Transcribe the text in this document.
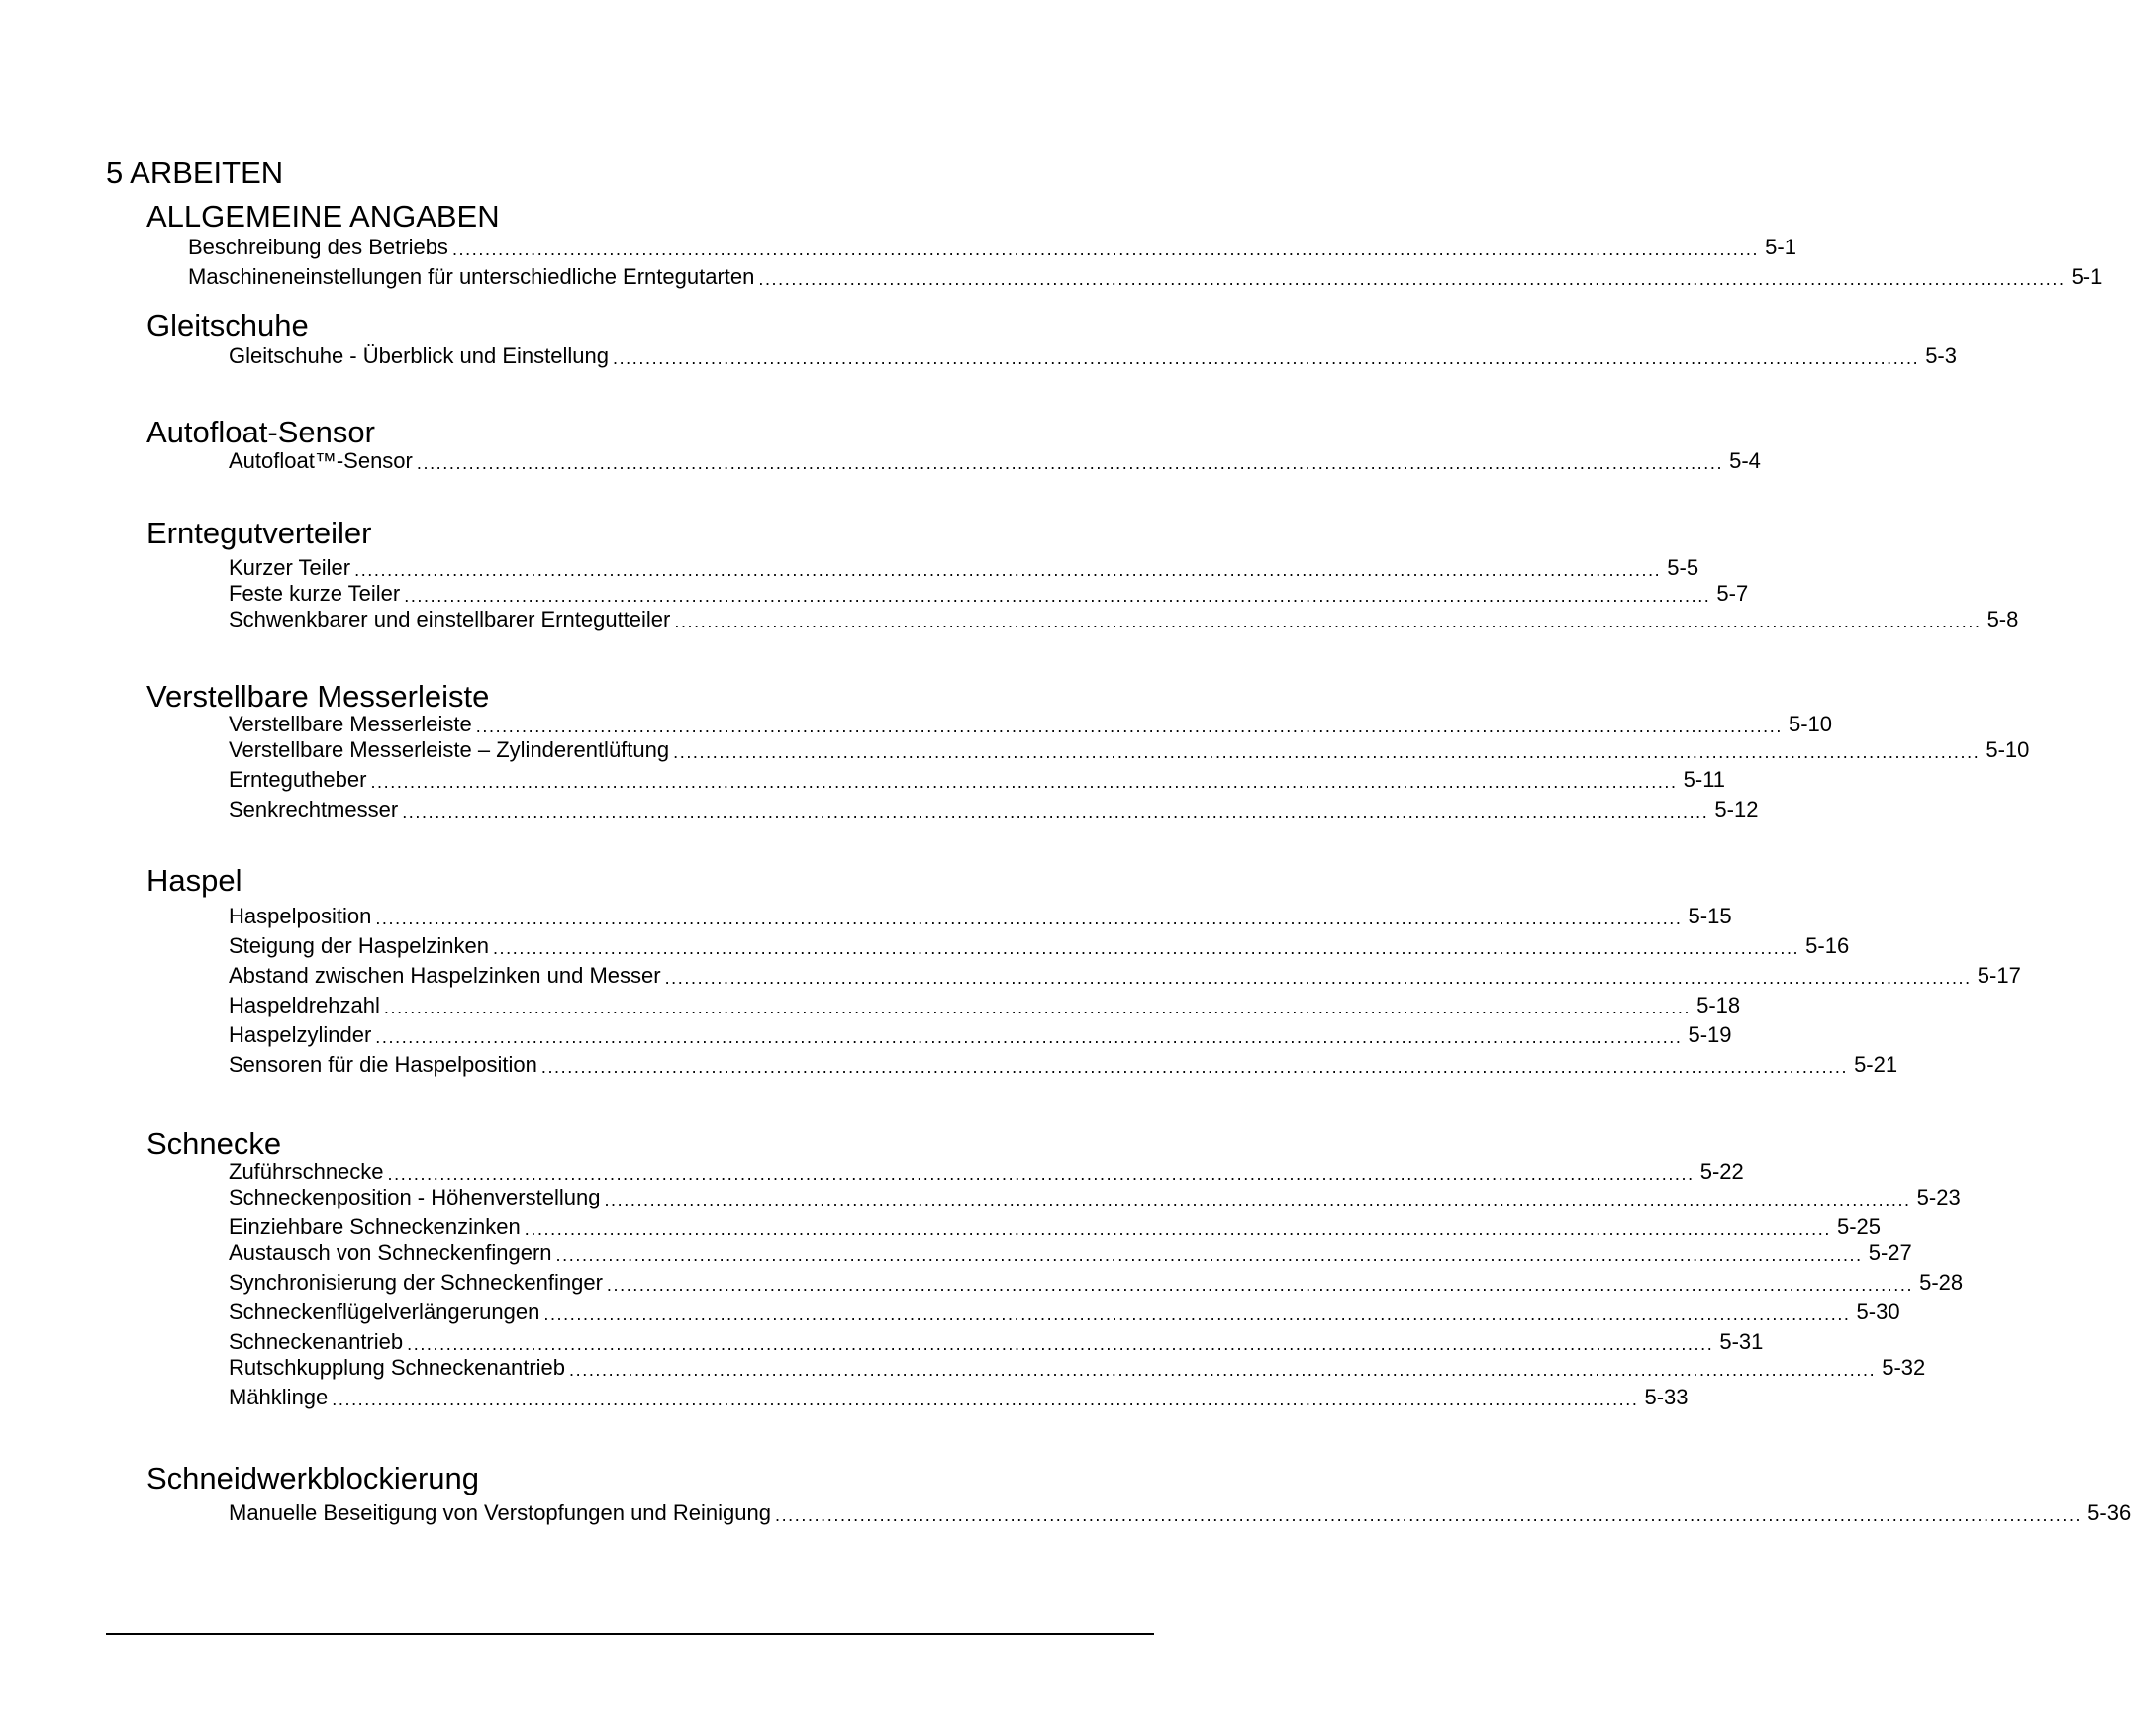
5 ARBEITEN
ALLGEMEINE ANGABEN
Beschreibung des Betriebs ........................................................................................................................................................................................................ 5-1
Maschineneinstellungen für unterschiedliche Erntegutarten ........................................................................................................................................................................................................ 5-1
Gleitschuhe
Gleitschuhe - Überblick und Einstellung ........................................................................................................................................................................................................ 5-3
Autofloat-Sensor
Autofloat™-Sensor ........................................................................................................................................................................................................ 5-4
Erntegutverteiler
Kurzer Teiler ........................................................................................................................................................................................................ 5-5
Feste kurze Teiler ........................................................................................................................................................................................................ 5-7
Schwenkbarer und einstellbarer Erntegutteiler ........................................................................................................................................................................................................ 5-8
Verstellbare Messerleiste
Verstellbare Messerleiste ........................................................................................................................................................................................................ 5-10
Verstellbare Messerleiste – Zylinderentlüftung ........................................................................................................................................................................................................ 5-10
Erntegutheber ........................................................................................................................................................................................................ 5-11
Senkrechtmesser ........................................................................................................................................................................................................ 5-12
Haspel
Haspelposition ........................................................................................................................................................................................................ 5-15
Steigung der Haspelzinken ........................................................................................................................................................................................................ 5-16
Abstand zwischen Haspelzinken und Messer ........................................................................................................................................................................................................ 5-17
Haspeldrehzahl ........................................................................................................................................................................................................ 5-18
Haspelzylinder ........................................................................................................................................................................................................ 5-19
Sensoren für die Haspelposition ........................................................................................................................................................................................................ 5-21
Schnecke
Zuführschnecke ........................................................................................................................................................................................................ 5-22
Schneckenposition - Höhenverstellung ........................................................................................................................................................................................................ 5-23
Einziehbare Schneckenzinken ........................................................................................................................................................................................................ 5-25
Austausch von Schneckenfingern ........................................................................................................................................................................................................ 5-27
Synchronisierung der Schneckenfinger ........................................................................................................................................................................................................ 5-28
Schneckenflügelverlängerungen ........................................................................................................................................................................................................ 5-30
Schneckenantrieb ........................................................................................................................................................................................................ 5-31
Rutschkupplung Schneckenantrieb ........................................................................................................................................................................................................ 5-32
Mähklinge ........................................................................................................................................................................................................ 5-33
Schneidwerkblockierung
Manuelle Beseitigung von Verstopfungen und Reinigung ........................................................................................................................................................................................................ 5-36
